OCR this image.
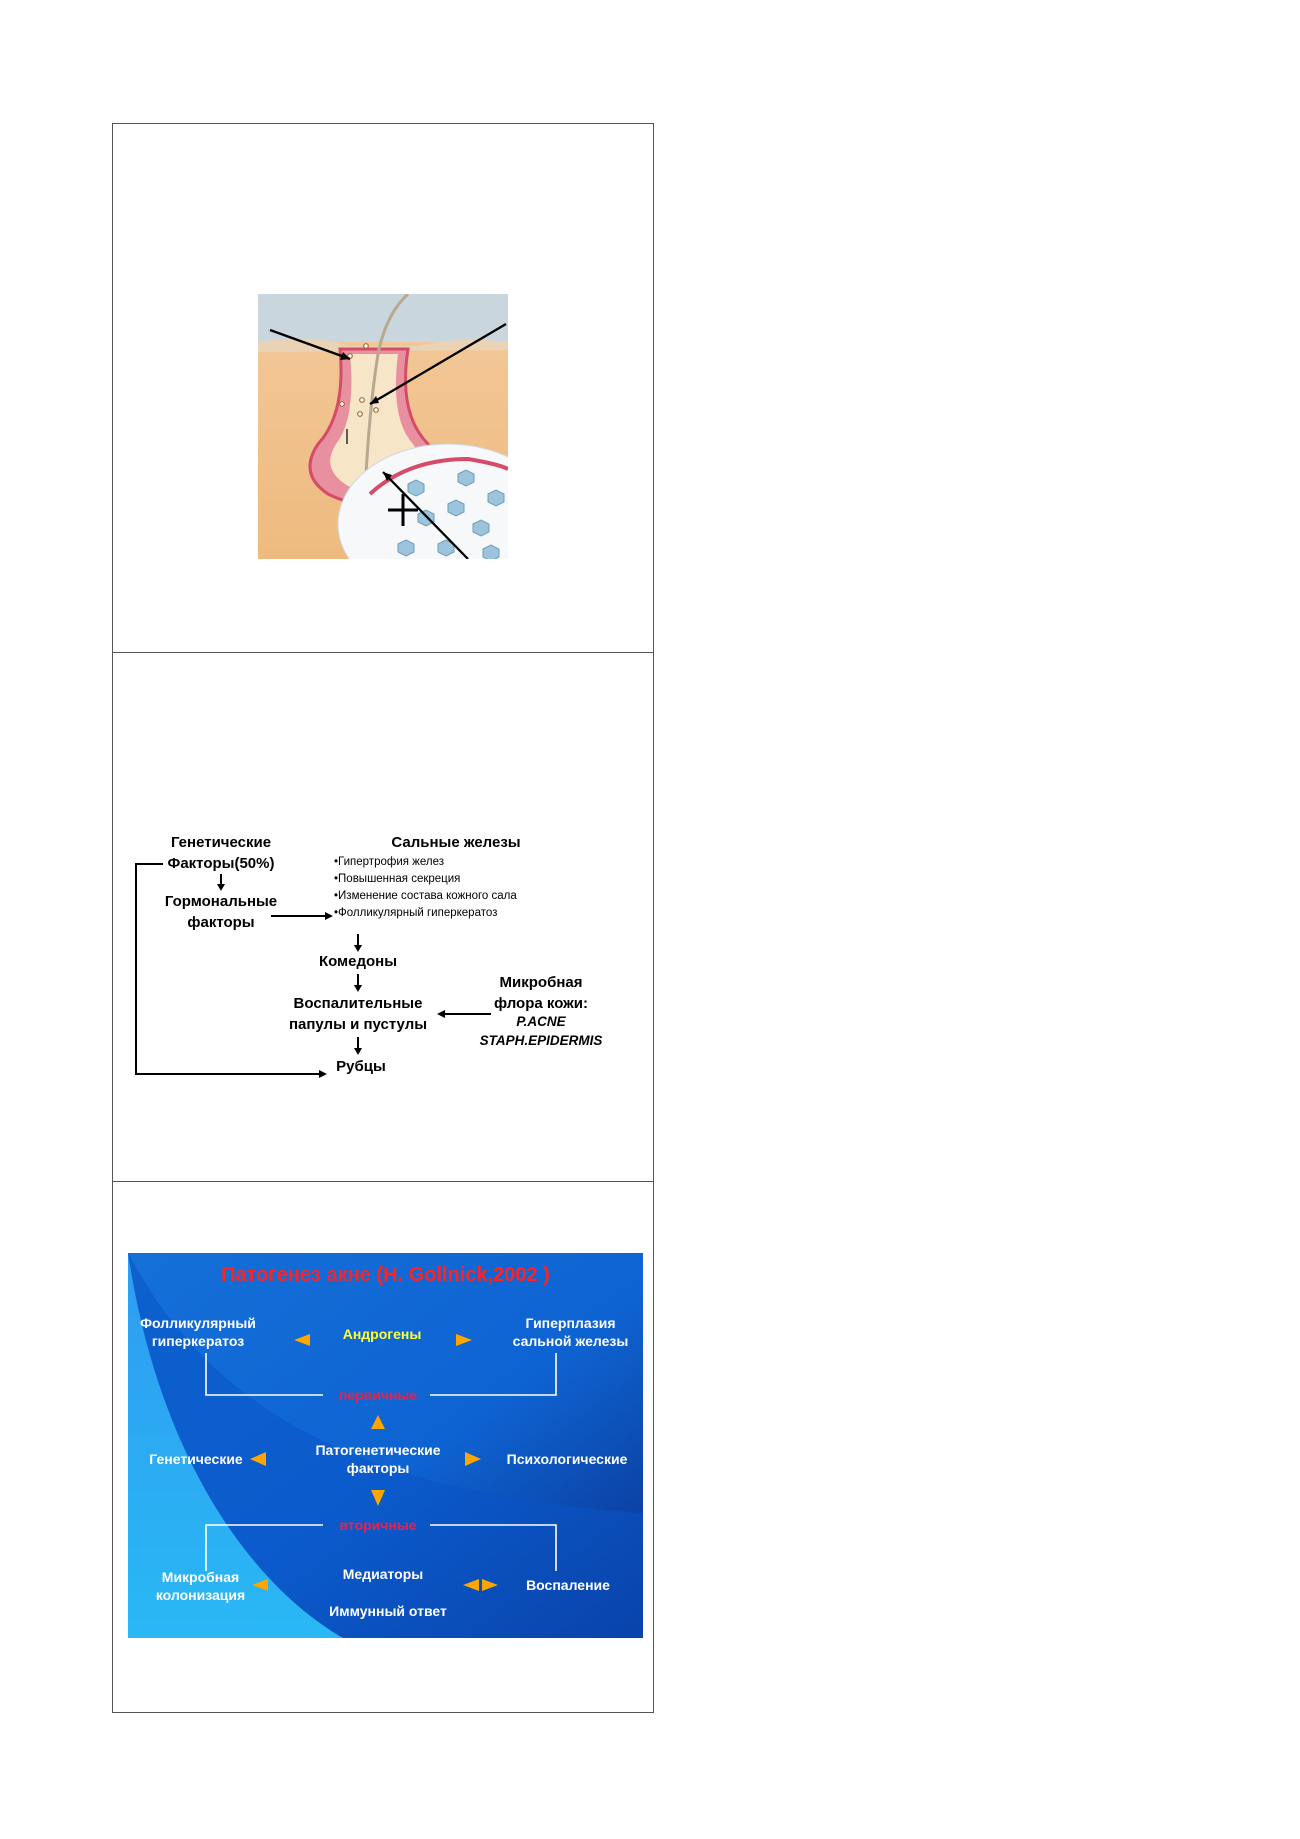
Генетические
Факторы(50%)
Гормональные
факторы
Сальные железы
Комедоны
Воспалительные
папулы и пустулы
Микробная
флора кожи:
Рубцы
•Гипертрофия желез
•Повышенная секреция
•Изменение состава кожного сала
•Фолликулярный гиперкератоз
P.ACNE
STAPH.EPIDERMIS
Патогенез акне (H. Gollnick,2002 )
Андрогены
Фолликулярный
гиперкератоз
Гиперплазия
сальной железы
первичные
Патогенетические
факторы
Генетические	Психологические
вторичные
Микробная
колонизация
Медиаторы
Воспаление
Иммунный ответ
